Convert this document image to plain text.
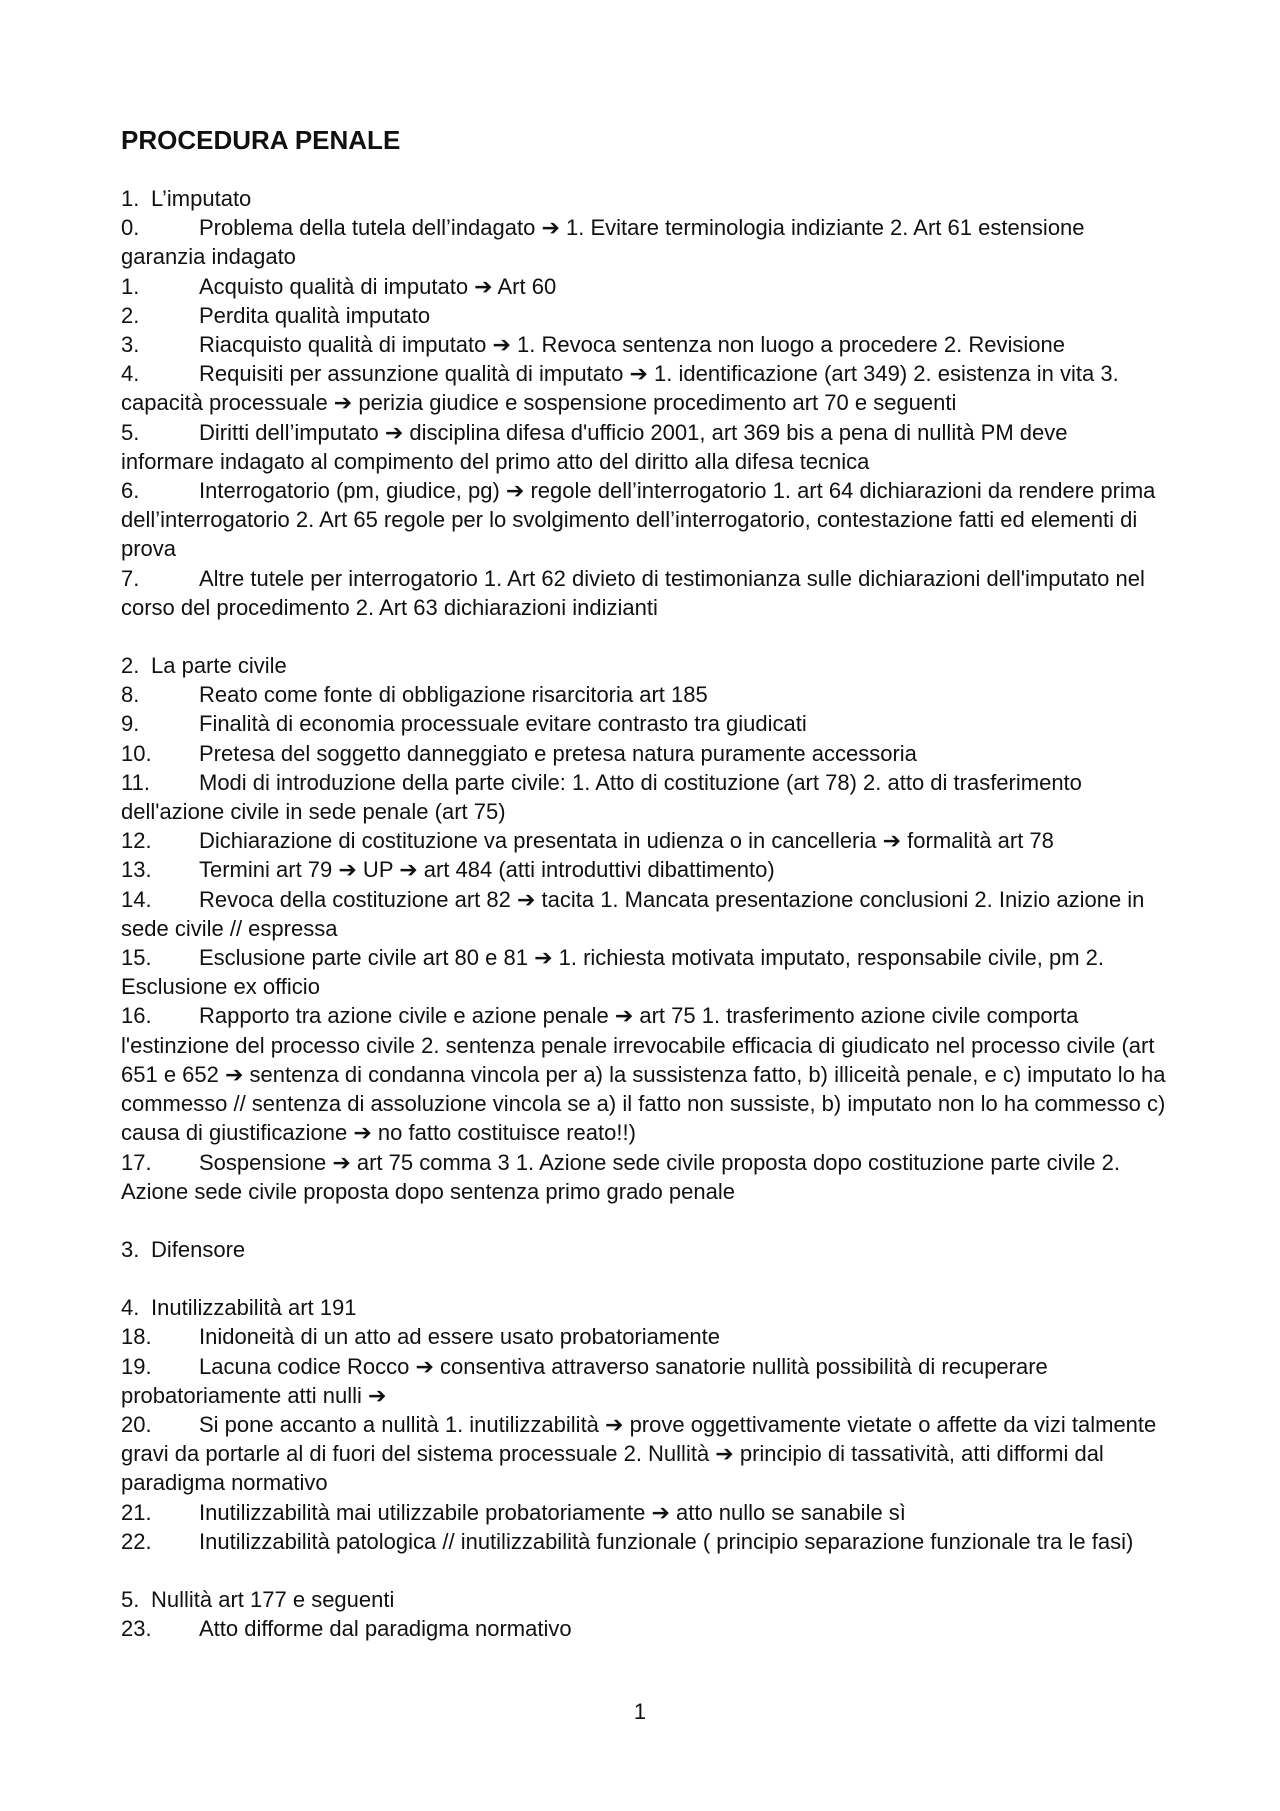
PROCEDURA PENALE
1. L’imputato
0.	Problema della tutela dell’indagato ➔ 1. Evitare terminologia indiziante 2. Art 61 estensione garanzia indagato
1.	Acquisto qualità di imputato ➔ Art 60
2.	Perdita qualità imputato
3.	Riacquisto qualità di imputato ➔ 1. Revoca sentenza non luogo a procedere 2. Revisione
4.	Requisiti per assunzione qualità di imputato ➔ 1. identificazione (art 349) 2. esistenza in vita 3. capacità processuale ➔ perizia giudice e sospensione procedimento art 70 e seguenti
5.	Diritti dell’imputato ➔ disciplina difesa d'ufficio 2001, art 369 bis a pena di nullità PM deve informare indagato al compimento del primo atto del diritto alla difesa tecnica
6.	Interrogatorio (pm, giudice, pg) ➔ regole dell’interrogatorio 1. art 64 dichiarazioni da rendere prima dell’interrogatorio 2. Art 65 regole per lo svolgimento dell’interrogatorio, contestazione fatti ed elementi di prova
7.	Altre tutele per interrogatorio 1. Art 62 divieto di testimonianza sulle dichiarazioni dell'imputato nel corso del procedimento 2. Art 63 dichiarazioni indizianti
2. La parte civile
8.	Reato come fonte di obbligazione risarcitoria art 185
9.	Finalità di economia processuale evitare contrasto tra giudicati
10. Pretesa del soggetto danneggiato e pretesa natura puramente accessoria
11. Modi di introduzione della parte civile: 1. Atto di costituzione (art 78) 2. atto di trasferimento dell'azione civile in sede penale (art 75)
12. Dichiarazione di costituzione va presentata in udienza o in cancelleria ➔ formalità art 78
13. Termini art 79 ➔ UP ➔ art 484 (atti introduttivi dibattimento)
14. Revoca della costituzione art 82 ➔ tacita 1. Mancata presentazione conclusioni 2. Inizio azione in sede civile // espressa
15. Esclusione parte civile art 80 e 81 ➔ 1. richiesta motivata imputato, responsabile civile, pm 2. Esclusione ex officio
16. Rapporto tra azione civile e azione penale ➔ art 75 1. trasferimento azione civile comporta l'estinzione del processo civile 2. sentenza penale irrevocabile efficacia di giudicato nel processo civile (art 651 e 652 ➔ sentenza di condanna vincola per a) la sussistenza fatto, b) illiceità penale, e c) imputato lo ha commesso // sentenza di assoluzione vincola se a) il fatto non sussiste, b) imputato non lo ha commesso c) causa di giustificazione ➔ no fatto costituisce reato!!)
17. Sospensione ➔ art 75 comma 3 1. Azione sede civile proposta dopo costituzione parte civile 2. Azione sede civile proposta dopo sentenza primo grado penale
3. Difensore
4. Inutilizzabilità art 191
18. Inidoneità di un atto ad essere usato probatoriamente
19. Lacuna codice Rocco ➔ consentiva attraverso sanatorie nullità possibilità di recuperare probatoriamente atti nulli ➔
20. Si pone accanto a nullità 1. inutilizzabilità ➔ prove oggettivamente vietate o affette da vizi talmente gravi da portarle al di fuori del sistema processuale 2. Nullità ➔ principio di tassatività, atti difformi dal paradigma normativo
21. Inutilizzabilità mai utilizzabile probatoriamente ➔ atto nullo se sanabile sì
22. Inutilizzabilità patologica // inutilizzabilità funzionale ( principio separazione funzionale tra le fasi)
5. Nullità art 177 e seguenti
23. Atto difforme dal paradigma normativo
1
